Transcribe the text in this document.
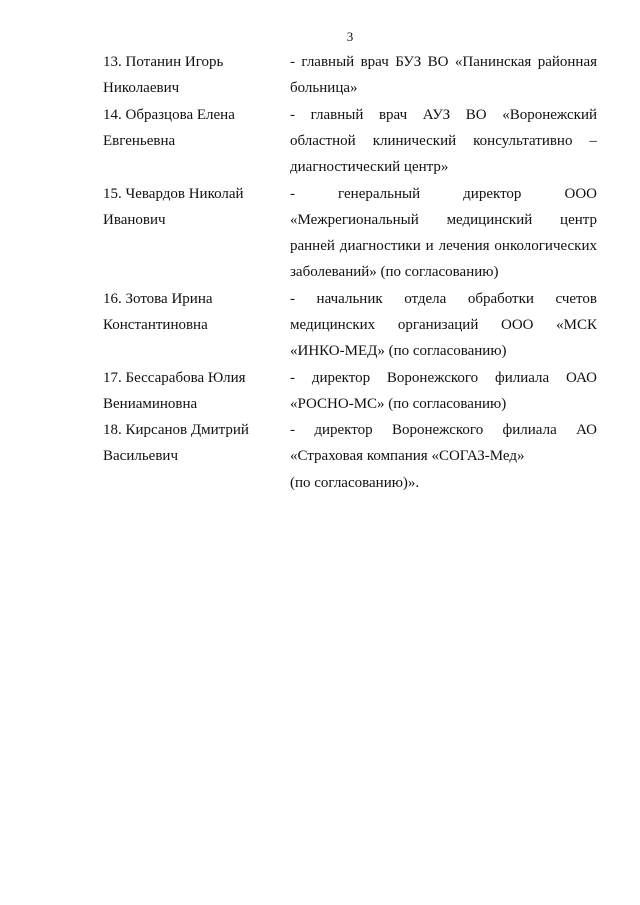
3
13. Потанин Игорь
Николаевич
- главный врач БУЗ ВО «Панинская районная
больница»
14. Образцова Елена
Евгеньевна
- главный врач АУЗ ВО «Воронежский
областной клинический консультативно –
диагностический центр»
15. Чевардов Николай
Иванович
- генеральный директор ООО
«Межрегиональный медицинский центр
ранней диагностики и лечения онкологических
заболеваний» (по согласованию)
16. Зотова Ирина
Константиновна
- начальник отдела обработки счетов
медицинских организаций ООО «МСК
«ИНКО-МЕД» (по согласованию)
17. Бессарабова Юлия
Вениаминовна
- директор Воронежского филиала ОАО
«РОСНО-МС» (по согласованию)
18. Кирсанов Дмитрий
Васильевич
- директор Воронежского филиала АО
«Страховая компания «СОГАЗ-Мед»
(по согласованию)».
